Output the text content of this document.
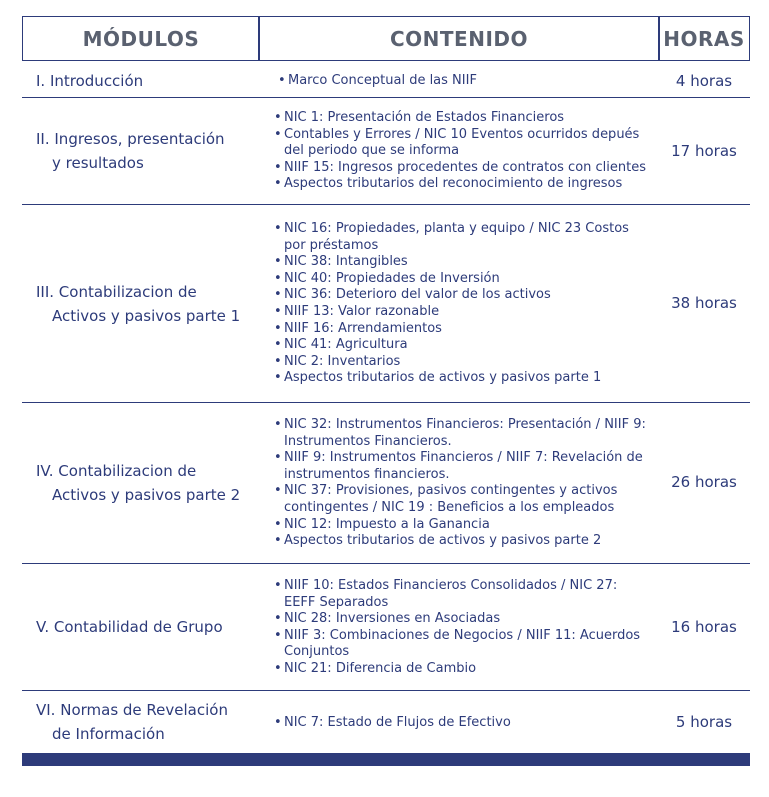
MÓDULOS	CONTENIDO	HORAS
I. Introducción
•	Marco Conceptual de las NIIF	4 horas
II. Ingresos, presentación
y resultados
• NIC 1: Presentación de Estados Financieros
• Contables y Errores / NIC 10 Eventos ocurridos depués del periodo que se informa
• NIIF 15: Ingresos procedentes de contratos con clientes
• Aspectos tributarios del reconocimiento de ingresos
17 horas
III. Contabilizacion de
Activos y pasivos parte 1
• NIC 16: Propiedades, planta y equipo / NIC 23 Costos por préstamos
• NIC 38: Intangibles
• NIC 40: Propiedades de Inversión
• NIC 36: Deterioro del valor de los activos
• NIIF 13: Valor razonable
• NIIF 16: Arrendamientos
• NIC 41: Agricultura
• NIC 2: Inventarios
• Aspectos tributarios de activos y pasivos parte 1
38 horas
IV. Contabilizacion de
Activos y pasivos parte 2
• NIC 32: Instrumentos Financieros: Presentación / NIIF 9: Instrumentos Financieros.
• NIIF 9: Instrumentos Financieros / NIIF 7: Revelación de instrumentos financieros.
• NIC 37: Provisiones, pasivos contingentes y activos contingentes / NIC 19 : Beneficios a los empleados
• NIC 12: Impuesto a la Ganancia
• Aspectos tributarios de activos y pasivos parte 2
26 horas
V. Contabilidad de Grupo
• NIIF 10: Estados Financieros Consolidados / NIC 27: EEFF Separados
• NIC 28: Inversiones en Asociadas
• NIIF 3: Combinaciones de Negocios / NIIF 11: Acuerdos Conjuntos
• NIC 21: Diferencia de Cambio
16 horas
VI. Normas de Revelación
de Información
• NIC 7: Estado de Flujos de Efectivo	5 horas
